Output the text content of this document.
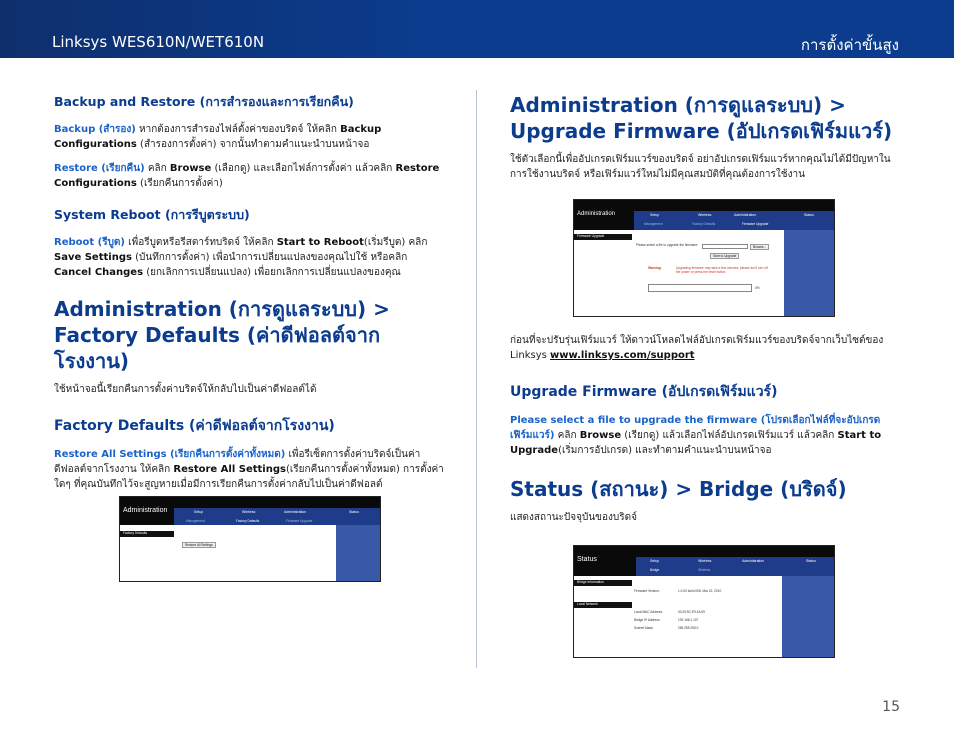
Linksys WES610N/WET610N	การตั้งค่าขั้นสูง
Backup and Restore (การสำรองและการเรียกคืน)

Backup (สำรอง) หากต้องการสำรองไฟล์ตั้งค่าของบริดจ์ ให้คลิก Backup Configurations (สำรองการตั้งค่า) จากนั้นทำตามคำแนะนำบนหน้าจอ

Restore (เรียกคืน) คลิก Browse (เลือกดู) และเลือกไฟล์การตั้งค่า แล้วคลิก Restore Configurations (เรียกคืนการตั้งค่า)

System Reboot (การรีบูตระบบ)

Reboot (รีบูต) เพื่อรีบูตหรือรีสตาร์ทบริดจ์ ให้คลิก Start to Reboot(เริ่มรีบูต) คลิก Save Settings (บันทึกการตั้งค่า) เพื่อนำการเปลี่ยนแปลงของคุณไปใช้ หรือคลิก Cancel Changes (ยกเลิกการเปลี่ยนแปลง) เพื่อยกเลิกการเปลี่ยนแปลงของคุณ

Administration (การดูแลระบบ) > Factory Defaults (ค่าดีฟอลต์จากโรงงาน)

ใช้หน้าจอนี้เรียกคืนการตั้งค่าบริดจ์ให้กลับไปเป็นค่าดีฟอลต์ได้

Factory Defaults (ค่าดีฟอลต์จากโรงงาน)

Restore All Settings (เรียกคืนการตั้งค่าทั้งหมด) เพื่อรีเซ็ตการตั้งค่าบริดจ์เป็นค่าดีฟอลต์จากโรงงาน ให้คลิก Restore All Settings(เรียกคืนการตั้งค่าทั้งหมด) การตั้งค่าใดๆ ที่คุณบันทึกไว้จะสูญหายเมื่อมีการเรียกคืนการตั้งค่ากลับไปเป็นค่าดีฟอลต์

Administration	Setup	Wireless	Administration	Status
Management	Factory Defaults	Firmware Upgrade
Factory Defaults
Restore All Settings
Administration (การดูแลระบบ) > Upgrade Firmware (อัปเกรดเฟิร์มแวร์)

ใช้ตัวเลือกนี้เพื่ออัปเกรดเฟิร์มแวร์ของบริดจ์ อย่าอัปเกรดเฟิร์มแวร์หากคุณไม่ได้มีปัญหาในการใช้งานบริดจ์ หรือเฟิร์มแวร์ใหม่ไม่มีคุณสมบัติที่คุณต้องการใช้งาน

Administration	Setup	Wireless	Administration	Status
Management	Factory Defaults	Firmware Upgrade
Firmware Upgrade
Please select a file to upgrade the firmware:	Browse...
Start to Upgrade
Warning:	Upgrading firmware may take a few minutes, please don't turn off the power or press the reset button.
0%

ก่อนที่จะปรับรุ่นเฟิร์มแวร์ ให้ดาวน์โหลดไฟล์อัปเกรดเฟิร์มแวร์ของบริดจ์จากเว็บไซต์ของ Linksys www.linksys.com/support

Upgrade Firmware (อัปเกรดเฟิร์มแวร์)

Please select a file to upgrade the firmware (โปรดเลือกไฟล์ที่จะอัปเกรดเฟิร์มแวร์) คลิก Browse (เรียกดู) แล้วเลือกไฟล์อัปเกรดเฟิร์มแวร์ แล้วคลิก Start to Upgrade(เริ่มการอัปเกรด) และทำตามคำแนะนำบนหน้าจอ

Status (สถานะ) > Bridge (บริดจ์)

แสดงสถานะปัจจุบันของบริดจ์

Status	Setup	Wireless	Administration	Status
Bridge	Wireless
Bridge Information
Local Network
Firmware Version:	1.0.00 build 008, Mar 22, 2010
Local MAC Address:	00:25:9C:E9:1A:09
Bridge IP Address:	192.168.1.107
Subnet Mask:	255.255.255.0
15
